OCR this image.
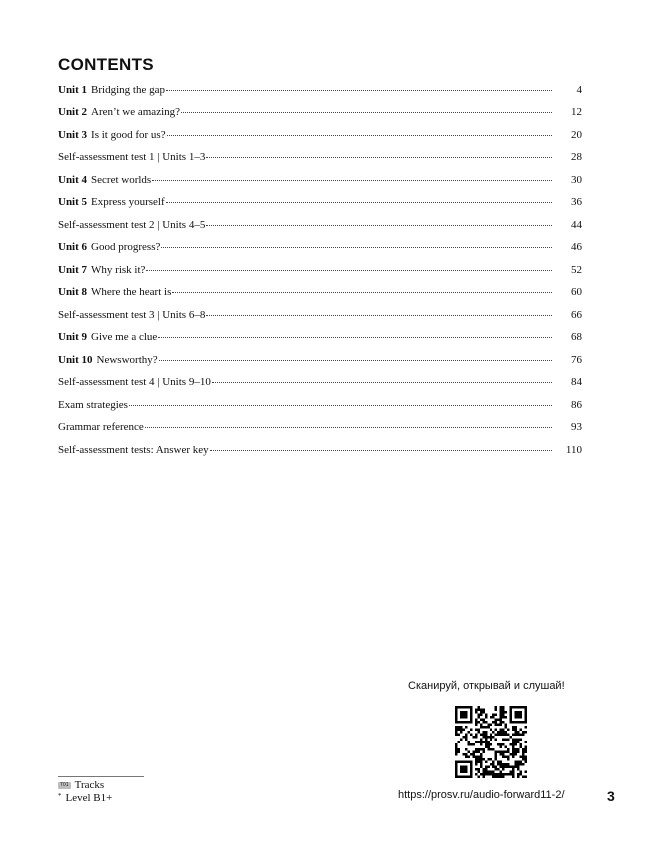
CONTENTS
Unit 1 Bridging the gap	4
Unit 2 Aren’t we amazing?	12
Unit 3 Is it good for us?	20
Self-assessment test 1 | Units 1–3	28
Unit 4 Secret worlds	30
Unit 5 Express yourself	36
Self-assessment test 2 | Units 4–5	44
Unit 6 Good progress?	46
Unit 7 Why risk it?	52
Unit 8 Where the heart is	60
Self-assessment test 3 | Units 6–8	66
Unit 9 Give me a clue	68
Unit 10 Newsworthy?	76
Self-assessment test 4 | Units 9–10	84
Exam strategies	86
Grammar reference	93
Self-assessment tests: Answer key	110
Сканируй, открывай и слушай!
https://prosv.ru/audio-forward11-2/	3
T01 Tracks
* Level B1+
